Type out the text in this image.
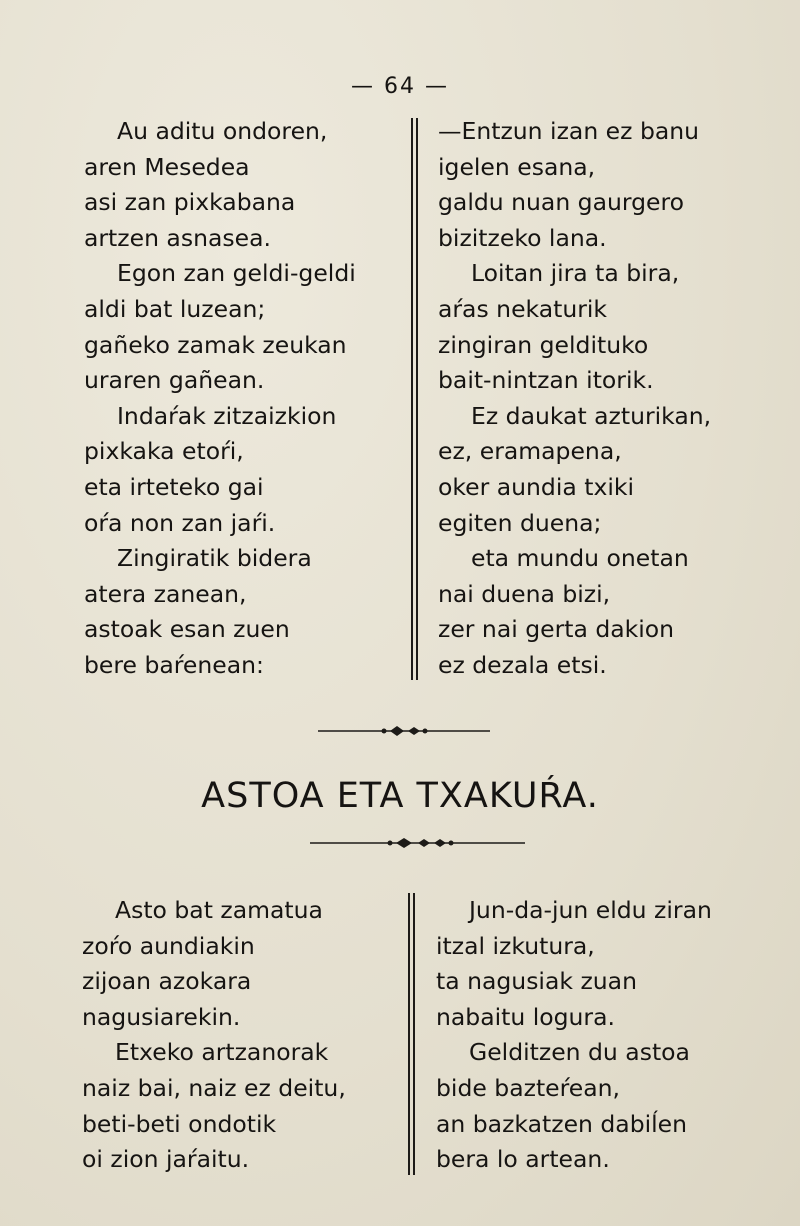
— 64 —
Au aditu ondoren,
aren Mesedea
asi zan pixkabana
artzen asnasea.
Egon zan geldi-geldi
aldi bat luzean;
gañeko zamak zeukan
uraren gañean.
Indaŕak zitzaizkion
pixkaka etoŕi,
eta irteteko gai
oŕa non zan jaŕi.
Zingiratik bidera
atera zanean,
astoak esan zuen
bere baŕenean:
—Entzun izan ez banu
igelen esana,
galdu nuan gaurgero
bizitzeko lana.
Loitan jira ta bira,
aŕas nekaturik
zingiran geldituko
bait-nintzan itorik.
Ez daukat azturikan,
ez, eramapena,
oker aundia txiki
egiten duena;
eta mundu onetan
nai duena bizi,
zer nai gerta dakion
ez dezala etsi.
ASTOA ETA TXAKUŔA.
Asto bat zamatua
zoŕo aundiakin
zijoan azokara
nagusiarekin.
Etxeko artzanorak
naiz bai, naiz ez deitu,
beti-beti ondotik
oi zion jaŕaitu.
Jun-da-jun eldu ziran
itzal izkutura,
ta nagusiak zuan
nabaitu logura.
Gelditzen du astoa
bide bazteŕean,
an bazkatzen dabiĺen
bera lo artean.
